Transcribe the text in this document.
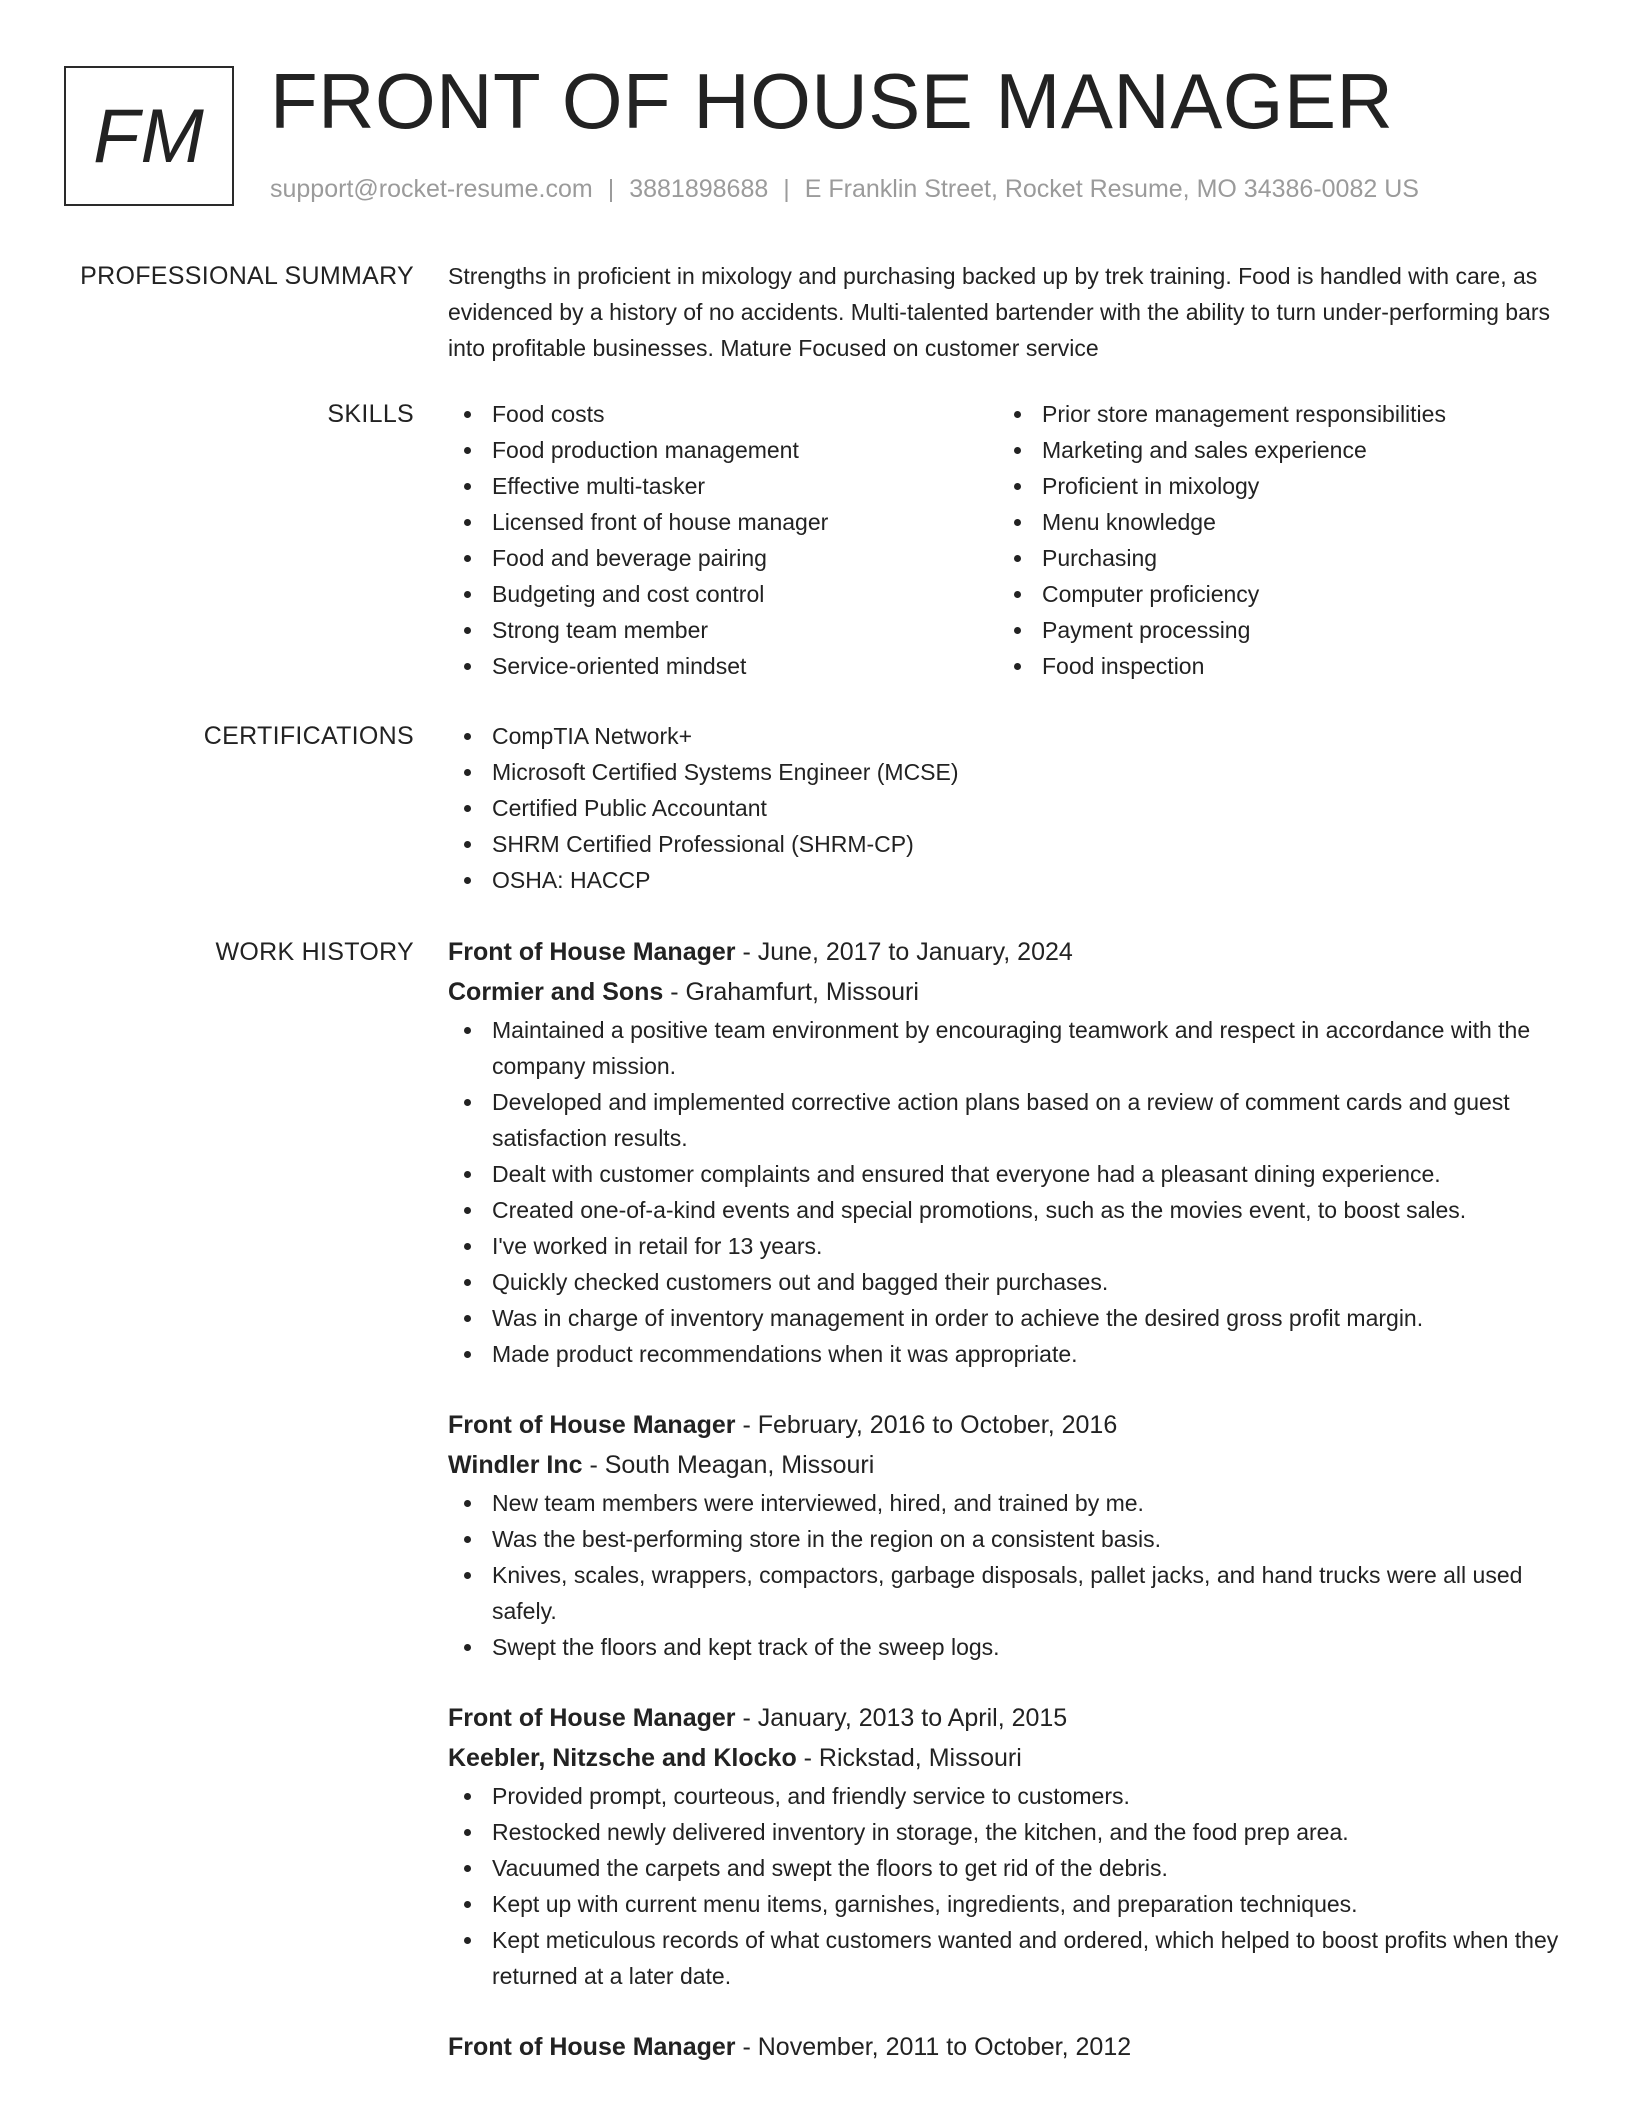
FM FRONT OF HOUSE MANAGER
support@rocket-resume.com | 3881898688 | E Franklin Street, Rocket Resume, MO 34386-0082 US
PROFESSIONAL SUMMARY Strengths in proficient in mixology and purchasing backed up by trek training. Food is handled with care, as evidenced by a history of no accidents. Multi-talented bartender with the ability to turn under-performing bars into profitable businesses. Mature Focused on customer service

SKILLS	Food costs
Food production management
Effective multi-tasker
Licensed front of house manager
Food and beverage pairing
Budgeting and cost control
Strong team member
Service-oriented mindset
Prior store management responsibilities
Marketing and sales experience
Proficient in mixology
Menu knowledge
Purchasing
Computer proficiency
Payment processing
Food inspection
CERTIFICATIONS	CompTIA Network+
Microsoft Certified Systems Engineer (MCSE)
Certified Public Accountant
SHRM Certified Professional (SHRM-CP)
OSHA: HACCP
WORK HISTORY Front of House Manager - June, 2017 to January, 2024
Cormier and Sons - Grahamfurt, Missouri
Maintained a positive team environment by encouraging teamwork and respect in accordance with the company mission.
Developed and implemented corrective action plans based on a review of comment cards and guest satisfaction results.
Dealt with customer complaints and ensured that everyone had a pleasant dining experience.
Created one-of-a-kind events and special promotions, such as the movies event, to boost sales.
I've worked in retail for 13 years.
Quickly checked customers out and bagged their purchases.
Was in charge of inventory management in order to achieve the desired gross profit margin.
Made product recommendations when it was appropriate.
Front of House Manager - February, 2016 to October, 2016
Windler Inc - South Meagan, Missouri
New team members were interviewed, hired, and trained by me.
Was the best-performing store in the region on a consistent basis.
Knives, scales, wrappers, compactors, garbage disposals, pallet jacks, and hand trucks were all used safely.
Swept the floors and kept track of the sweep logs.
Front of House Manager - January, 2013 to April, 2015
Keebler, Nitzsche and Klocko - Rickstad, Missouri
Provided prompt, courteous, and friendly service to customers.
Restocked newly delivered inventory in storage, the kitchen, and the food prep area.
Vacuumed the carpets and swept the floors to get rid of the debris.
Kept up with current menu items, garnishes, ingredients, and preparation techniques.
Kept meticulous records of what customers wanted and ordered, which helped to boost profits when they returned at a later date.
Front of House Manager - November, 2011 to October, 2012
